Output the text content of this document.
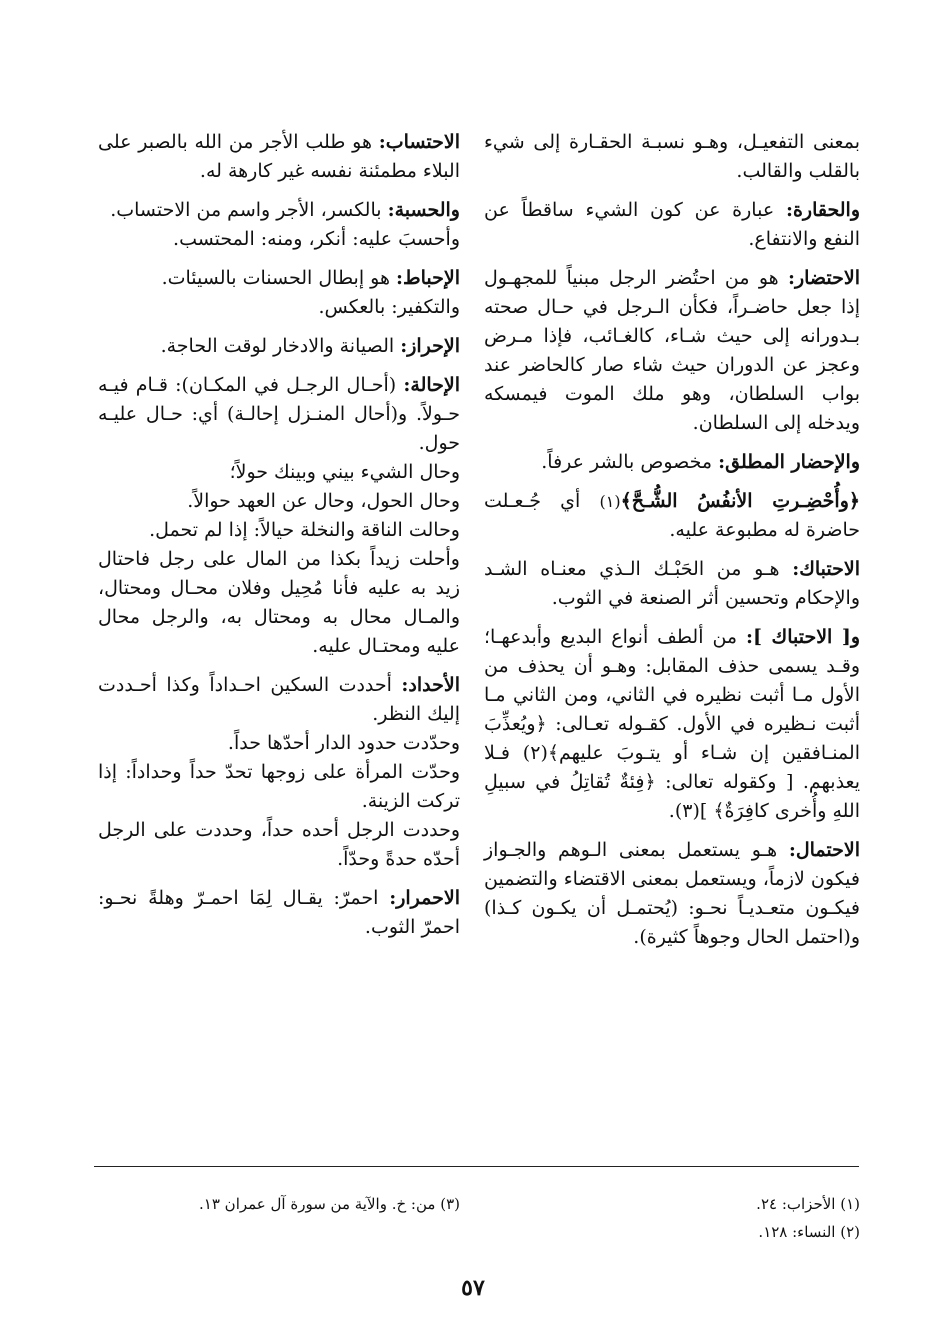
بمعنى التفعيـل، وهـو نسبـة الحقـارة إلى شيء بالقلب والقالب.

والحقارة: عبارة عن كون الشيء ساقطاً عن النفع والانتفاع.

الاحتضار: هو من احتُضر الرجل مبنياً للمجهـول إذا جعل حاضـراً، فكأن الـرجل في حـال صحته بـدورانه إلى حيث شـاء، كالغـائب، فإذا مـرض وعجز عن الدوران حيث شاء صار كالحاضر عند بواب السلطان، وهو ملك الموت فيمسكه ويدخله إلى السلطان.

والإحضار المطلق: مخصوص بالشر عرفاً.

﴿وأُحْضِـرتِ الأنفُسُ الشُّـحَّ﴾(١) أي جُـعـلت حاضرة له مطبوعة عليه.

الاحتباك: هـو من الحَبْـك الـذي معنـاه الشـد والإحكام وتحسين أثر الصنعة في الثوب.

و[ الاحتباك ]: من ألطف أنواع البديع وأبدعهـا؛ وقـد يسمى حذف المقابل: وهـو أن يحذف من الأول مـا أثبت نظيره في الثاني، ومن الثاني مـا أثبت نـظيره في الأول. كقـوله تعـالى: ﴿ويُعذِّبَ المنـافقين إن شـاء أو يتـوبَ عليهم﴾(٢) فـلا يعذبهم. [ وكقوله تعالى: ﴿فِئةٌ تُقاتِلُ في سبيلِ اللهِ وأُخرى كافِرَةٌ﴾ ](٣).

الاحتمال: هـو يستعمل بمعنى الـوهم والجـواز فيكون لازماً، ويستعمل بمعنى الاقتضاء والتضمين فيكـون متعـديـاً نحـو: (يُحتمـل أن يكـون كـذا) و(احتمل الحال وجوهاً كثيرة).

الاحتساب: هو طلب الأجر من الله بالصبر على البلاء مطمئنة نفسه غير كارهة له.

والحسبة: بالكسر، الأجر واسم من الاحتساب.

وأحسبَ عليه: أنكر، ومنه: المحتسب.

الإحباط: هو إبطال الحسنات بالسيئات.

والتكفير: بالعكس.

الإحراز: الصيانة والادخار لوقت الحاجة.

الإحالة: (أحـال الرجـل في المكـان): قـام فيـه حـولاً. و(أحال المنـزل إحالـة) أي: حـال عليـه حول.

وحال الشيء بيني وبينك حولاً؛

وحال الحول، وحال عن العهد حوالاً.

وحالت الناقة والنخلة حيالاً: إذا لم تحمل.

وأحلت زيداً بكذا من المال على رجل فاحتال زيد به عليه فأنا مُحِيل وفلان محـال ومحتال، والمـال محال به ومحتال به، والرجل محال عليه ومحتـال عليه.

الأحداد: أحددت السكين احـداداً وكذا أحـددت إليك النظر.

وحدّدت حدود الدار أحدّها حداً.

وحدّت المرأة على زوجها تحدّ حداً وحداداً: إذا تركت الزينة.

وحددت الرجل أحده حداً، وحددت على الرجل أحدّه حدةً وحدّاً.

الاحمرار: احمرّ: يقـال لِمَا احمـرّ وهلةً نحـو: احمرّ الثوب.

(١) الأحزاب: ٢٤.

(٢) النساء: ١٢٨.

(٣) من: خ. والآية من سورة آل عمران ١٣.

٥٧
